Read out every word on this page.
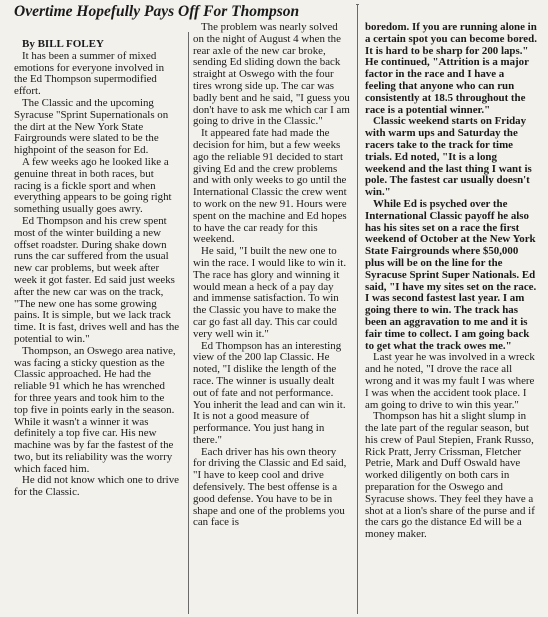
Overtime Hopefully Pays Off For Thompson

By BILL FOLEY

It has been a summer of mixed emotions for everyone involved in the Ed Thompson supermodified effort.

The Classic and the upcoming Syracuse "Sprint Supernationals on the dirt at the New York State Fairgrounds were slated to be the highpoint of the season for Ed.

A few weeks ago he looked like a genuine threat in both races, but racing is a fickle sport and when everything appears to be going right something usually goes awry.

Ed Thompson and his crew spent most of the winter building a new offset roadster. During shake down runs the car suffered from the usual new car problems, but week after week it got faster. Ed said just weeks after the new car was on the track, "The new one has some growing pains. It is simple, but we lack track time. It is fast, drives well and has the potential to win."

Thompson, an Oswego area native, was facing a sticky question as the Classic approached. He had the reliable 91 which he has wrenched for three years and took him to the top five in points early in the season. While it wasn't a winner it was definitely a top five car. His new machine was by far the fastest of the two, but its reliability was the worry which faced him.

He did not know which one to drive for the Classic.

The problem was nearly solved on the night of August 4 when the rear axle of the new car broke, sending Ed sliding down the back straight at Oswego with the four tires wrong side up. The car was badly bent and he said, "I guess you don't have to ask me which car I am going to drive in the Classic."

It appeared fate had made the decision for him, but a few weeks ago the reliable 91 decided to start giving Ed and the crew problems and with only weeks to go until the International Classic the crew went to work on the new 91. Hours were spent on the machine and Ed hopes to have the car ready for this weekend.

He said, "I built the new one to win the race. I would like to win it. The race has glory and winning it would mean a heck of a pay day and immense satisfaction. To win the Classic you have to make the car go fast all day. This car could very well win it."

Ed Thompson has an interesting view of the 200 lap Classic. He noted, "I dislike the length of the race. The winner is usually dealt out of fate and not performance. You inherit the lead and can win it. It is not a good measure of performance. You just hang in there."

Each driver has his own theory for driving the Classic and Ed said, "I have to keep cool and drive defensively. The best offense is a good defense. You have to be in shape and one of the problems you can face is

boredom. If you are running alone in a certain spot you can become bored. It is hard to be sharp for 200 laps." He continued, "Attrition is a major factor in the race and I have a feeling that anyone who can run consistently at 18.5 throughout the race is a potential winner."

Classic weekend starts on Friday with warm ups and Saturday the racers take to the track for time trials. Ed noted, "It is a long weekend and the last thing I want is pole. The fastest car usually doesn't win."

While Ed is psyched over the International Classic payoff he also has his sites set on a race the first weekend of October at the New York State Fairgrounds where $50,000 plus will be on the line for the Syracuse Sprint Super Nationals. Ed said, "I have my sites set on the race. I was second fastest last year. I am going there to win. The track has been an aggravation to me and it is fair time to collect. I am going back to get what the track owes me."

Last year he was involved in a wreck and he noted, "I drove the race all wrong and it was my fault I was where I was when the accident took place. I am going to drive to win this year."

Thompson has hit a slight slump in the late part of the regular season, but his crew of Paul Stepien, Frank Russo, Rick Pratt, Jerry Crissman, Fletcher Petrie, Mark and Duff Oswald have worked diligently on both cars in preparation for the Oswego and Syracuse shows. They feel they have a shot at a lion's share of the purse and if the cars go the distance Ed will be a money maker.
